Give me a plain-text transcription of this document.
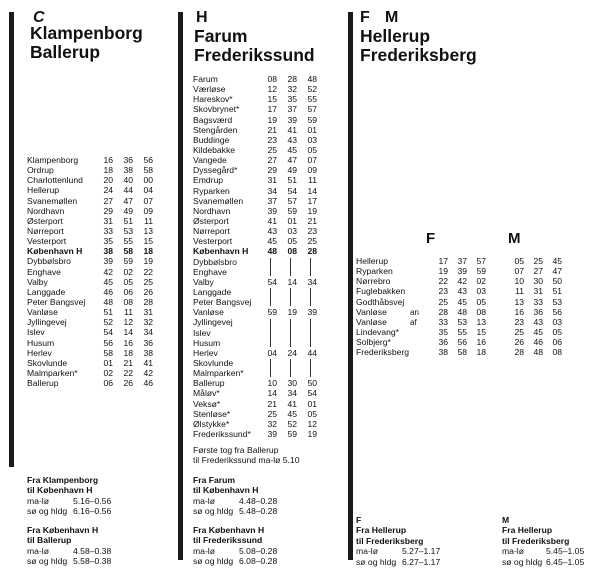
C
Klampenborg
Ballerup
Klampenborg	16	36	56
Ordrup	18	38	58
Charlottenlund	20	40	00
Hellerup	24	44	04
Svanemøllen	27	47	07
Nordhavn	29	49	09
Østerport	31	51	11
Nørreport	33	53	13
Vesterport	35	55	15
København H	38	58	18
Dybbølsbro	39	59	19
Enghave	42	02	22
Valby	45	05	25
Langgade	46	06	26
Peter Bangsvej	48	08	28
Vanløse	51	11	31
Jyllingevej	52	12	32
Islev	54	14	34
Husum	56	16	36
Herlev	58	18	38
Skovlunde	01	21	41
Malmparken*	02	22	42
Ballerup	06	26	46
Fra Klampenborg
til København H
ma-lø	5.16–0.56
sø og hldg 6.16–0.56
Fra København H
til Ballerup
ma-lø	4.58–0.38
sø og hldg 5.58–0.38
H
Farum
Frederikssund
Farum	08	28	48
Værløse	12	32	52
Hareskov*	15	35	55
Skovbrynet*	17	37	57
Bagsværd	19	39	59
Stengården	21	41	01
Buddinge	23	43	03
Kildebakke	25	45	05
Vangede	27	47	07
Dyssegård*	29	49	09
Emdrup	31	51	11
Ryparken	34	54	14
Svanemøllen	37	57	17
Nordhavn	39	59	19
Østerport	41	01	21
Nørreport	43	03	23
Vesterport	45	05	25
København H	48	08	28
Dybbølsbro
Enghave
Valby	54	14	34
Langgade
Peter Bangsvej
Vanløse	59	19	39
Jyllingevej
Islev
Husum
Herlev	04	24	44
Skovlunde
Malmparken*
Ballerup	10	30	50
Måløv*	14	34	54
Veksø*	21	41	01
Stenløse*	25	45	05
Ølstykke*	32	52	12
Frederikssund*	39	59	19
Første tog fra Ballerup
til Frederikssund ma-lø 5.10
Fra Farum
til København H
ma-lø	4.48–0.28
sø og hldg 5.48–0.28
Fra København H
til Frederikssund
ma-lø	5.08–0.28
sø og hldg 6.08–0.28
F M
Hellerup
Frederiksberg
F	M
Hellerup	17	37	57	05	25	45
Ryparken	19	39	59	07	27	47
Nørrebro	22	42	02	10	30	50
Fuglebakken	23	43	03	11	31	51
Godthåbsvej	25	45	05	13	33	53
Vanløse	an	28	48	08	16	36	56
Vanløse	af	33	53	13	23	43	03
Lindevang*	35	55	15	25	45	05
Solbjerg*	36	56	16	26	46	06
Frederiksberg	38	58	18	28	48	08
F
Fra Hellerup
til Frederiksberg
ma-lø	5.27–1.17
sø og hldg 6.27–1.17
M
Fra Hellerup
til Frederiksberg
ma-lø	5.45–1.05
sø og hldg 6.45–1.05
